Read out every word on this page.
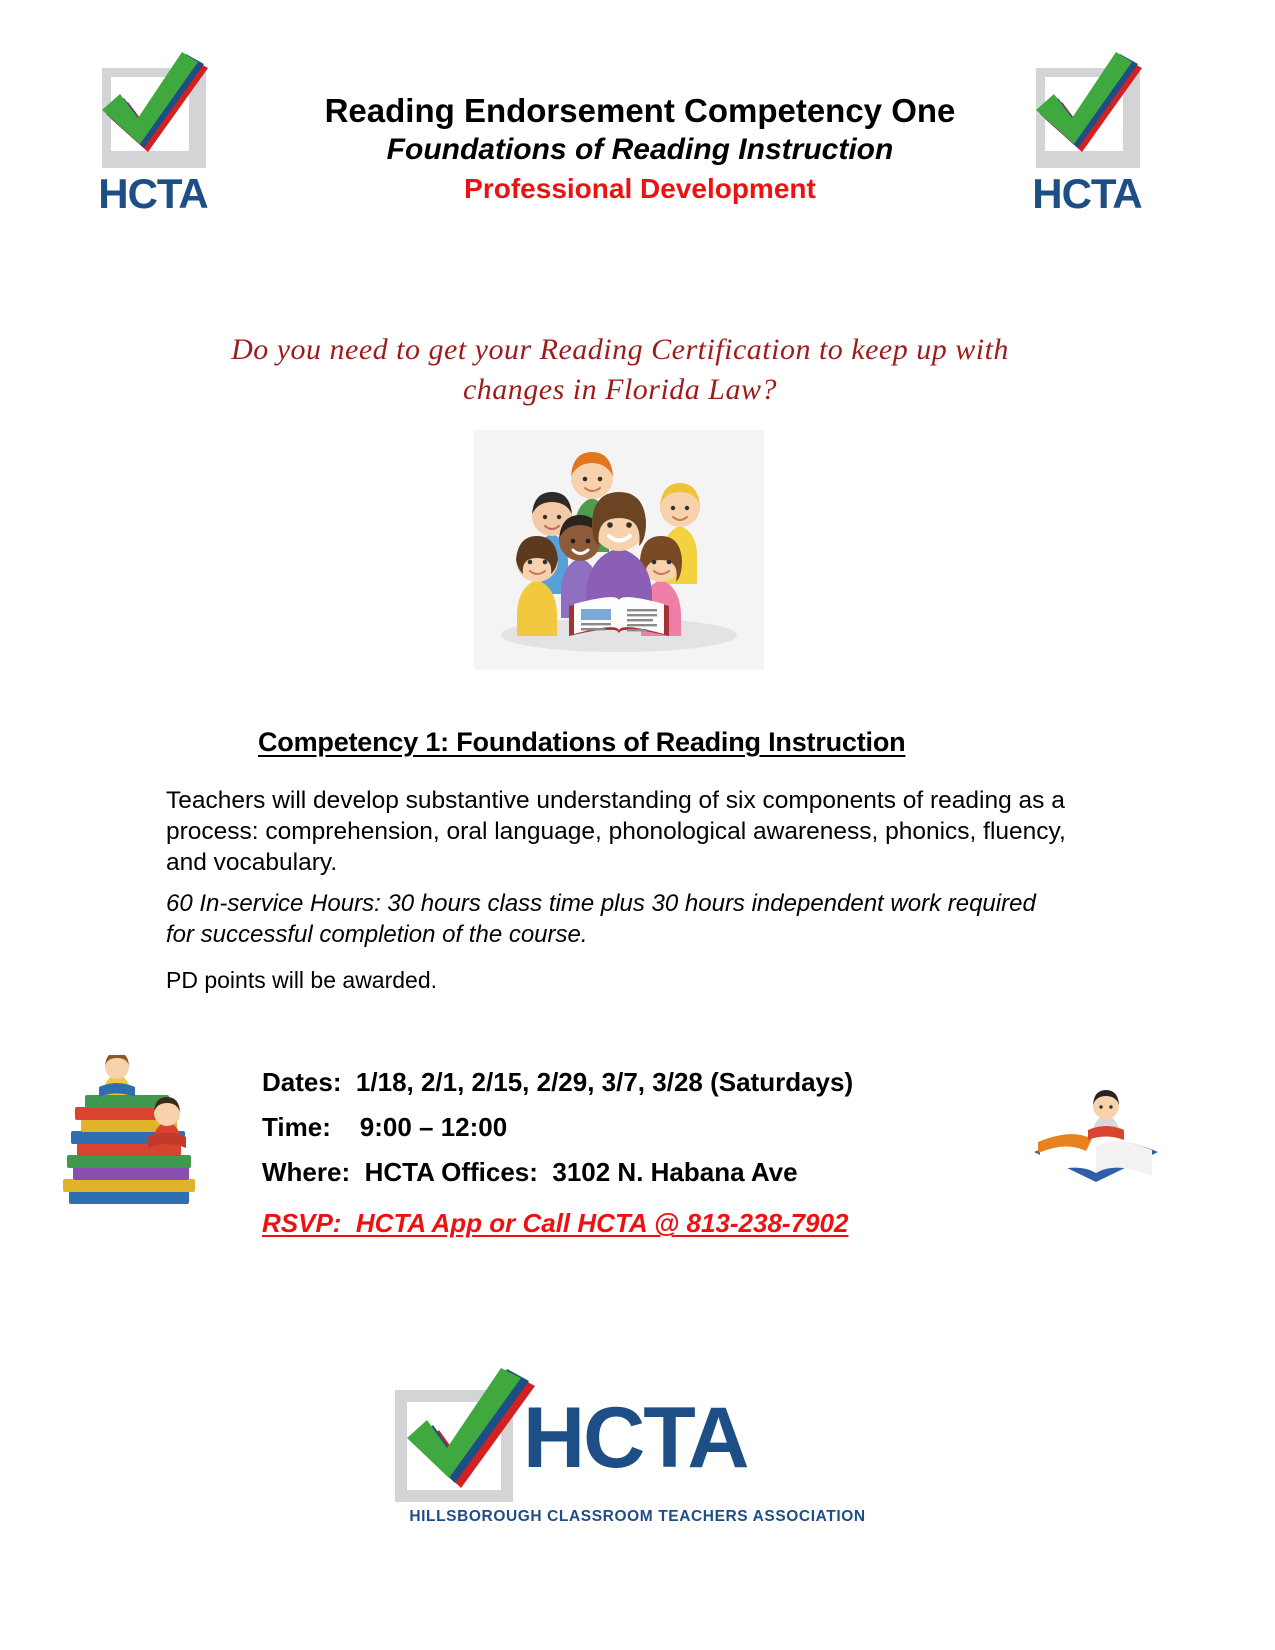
HCTA	HCTA
Reading Endorsement Competency One
Foundations of Reading Instruction
Professional Development
Do you need to get your Reading Certification to keep up with
changes in Florida Law?
Competency 1: Foundations of Reading Instruction
Teachers will develop substantive understanding of six components of reading as a process: comprehension, oral language, phonological awareness, phonics, fluency, and vocabulary.
60 In-service Hours: 30 hours class time plus 30 hours independent work required for successful completion of the course.
PD points will be awarded.
Dates:  1/18, 2/1, 2/15, 2/29, 3/7, 3/28 (Saturdays)
Time:    9:00 – 12:00
Where:  HCTA Offices:  3102 N. Habana Ave
RSVP:  HCTA App or Call HCTA @ 813-238-7902
HCTA
HILLSBOROUGH CLASSROOM TEACHERS ASSOCIATION
